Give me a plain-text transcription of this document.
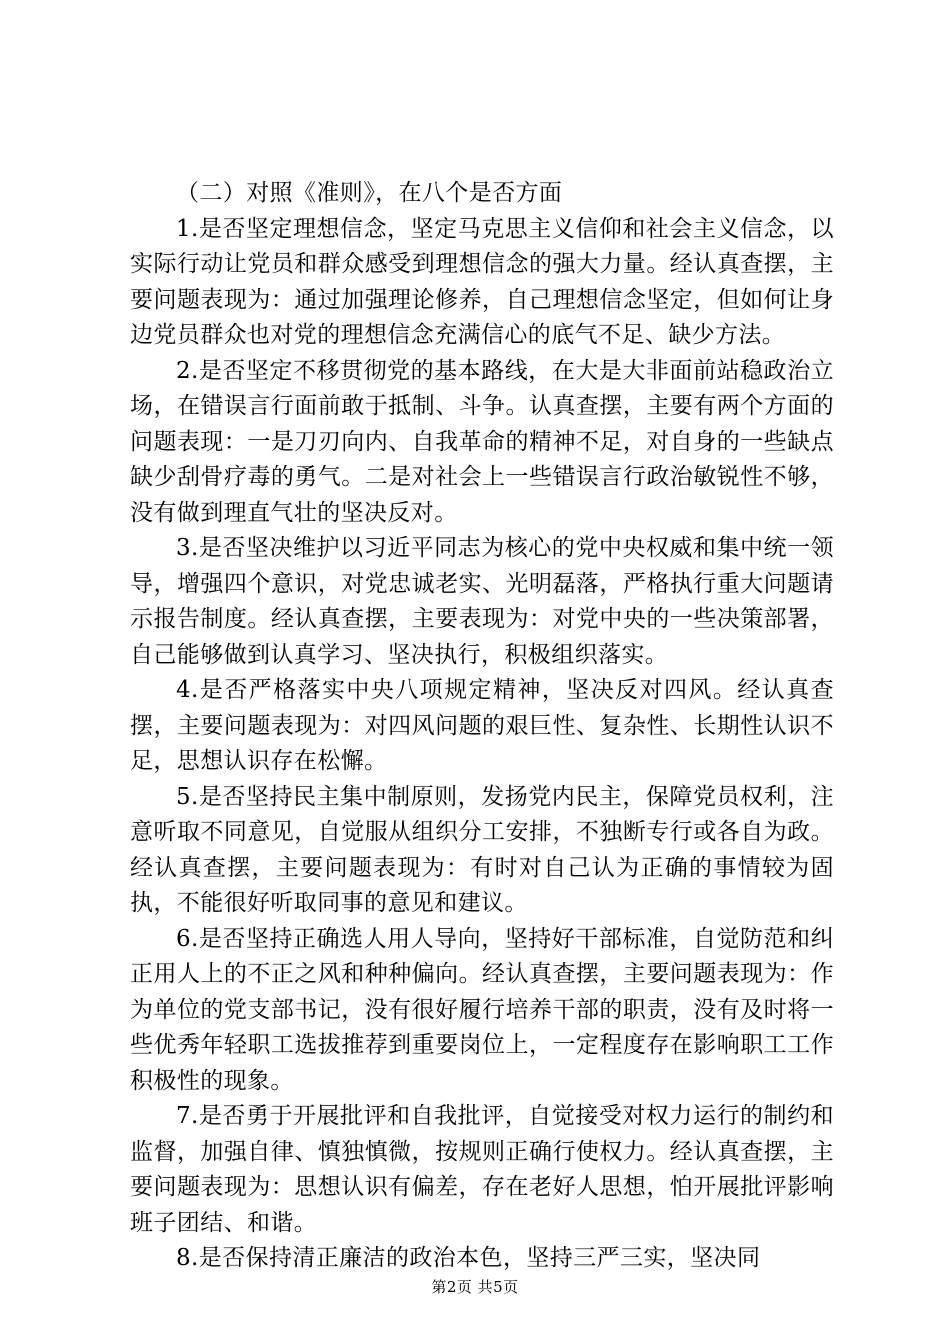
（二）对照《准则》，在八个是否方面

1.是否坚定理想信念，坚定马克思主义信仰和社会主义信念，以实际行动让党员和群众感受到理想信念的强大力量。经认真查摆，主要问题表现为：通过加强理论修养，自己理想信念坚定，但如何让身边党员群众也对党的理想信念充满信心的底气不足、缺少方法。

2.是否坚定不移贯彻党的基本路线，在大是大非面前站稳政治立场，在错误言行面前敢于抵制、斗争。认真查摆，主要有两个方面的问题表现：一是刀刃向内、自我革命的精神不足，对自身的一些缺点缺少刮骨疗毒的勇气。二是对社会上一些错误言行政治敏锐性不够，没有做到理直气壮的坚决反对。

3.是否坚决维护以习近平同志为核心的党中央权威和集中统一领导，增强四个意识，对党忠诚老实、光明磊落，严格执行重大问题请示报告制度。经认真查摆，主要表现为：对党中央的一些决策部署，自己能够做到认真学习、坚决执行，积极组织落实。

4.是否严格落实中央八项规定精神，坚决反对四风。经认真查摆，主要问题表现为：对四风问题的艰巨性、复杂性、长期性认识不足，思想认识存在松懈。

5.是否坚持民主集中制原则，发扬党内民主，保障党员权利，注意听取不同意见，自觉服从组织分工安排，不独断专行或各自为政。经认真查摆，主要问题表现为：有时对自己认为正确的事情较为固执，不能很好听取同事的意见和建议。

6.是否坚持正确选人用人导向，坚持好干部标准，自觉防范和纠正用人上的不正之风和种种偏向。经认真查摆，主要问题表现为：作为单位的党支部书记，没有很好履行培养干部的职责，没有及时将一些优秀年轻职工选拔推荐到重要岗位上，一定程度存在影响职工工作积极性的现象。

7.是否勇于开展批评和自我批评，自觉接受对权力运行的制约和监督，加强自律、慎独慎微，按规则正确行使权力。经认真查摆，主要问题表现为：思想认识有偏差，存在老好人思想，怕开展批评影响班子团结、和谐。

8.是否保持清正廉洁的政治本色，坚持三严三实，坚决同

第2页 共5页
